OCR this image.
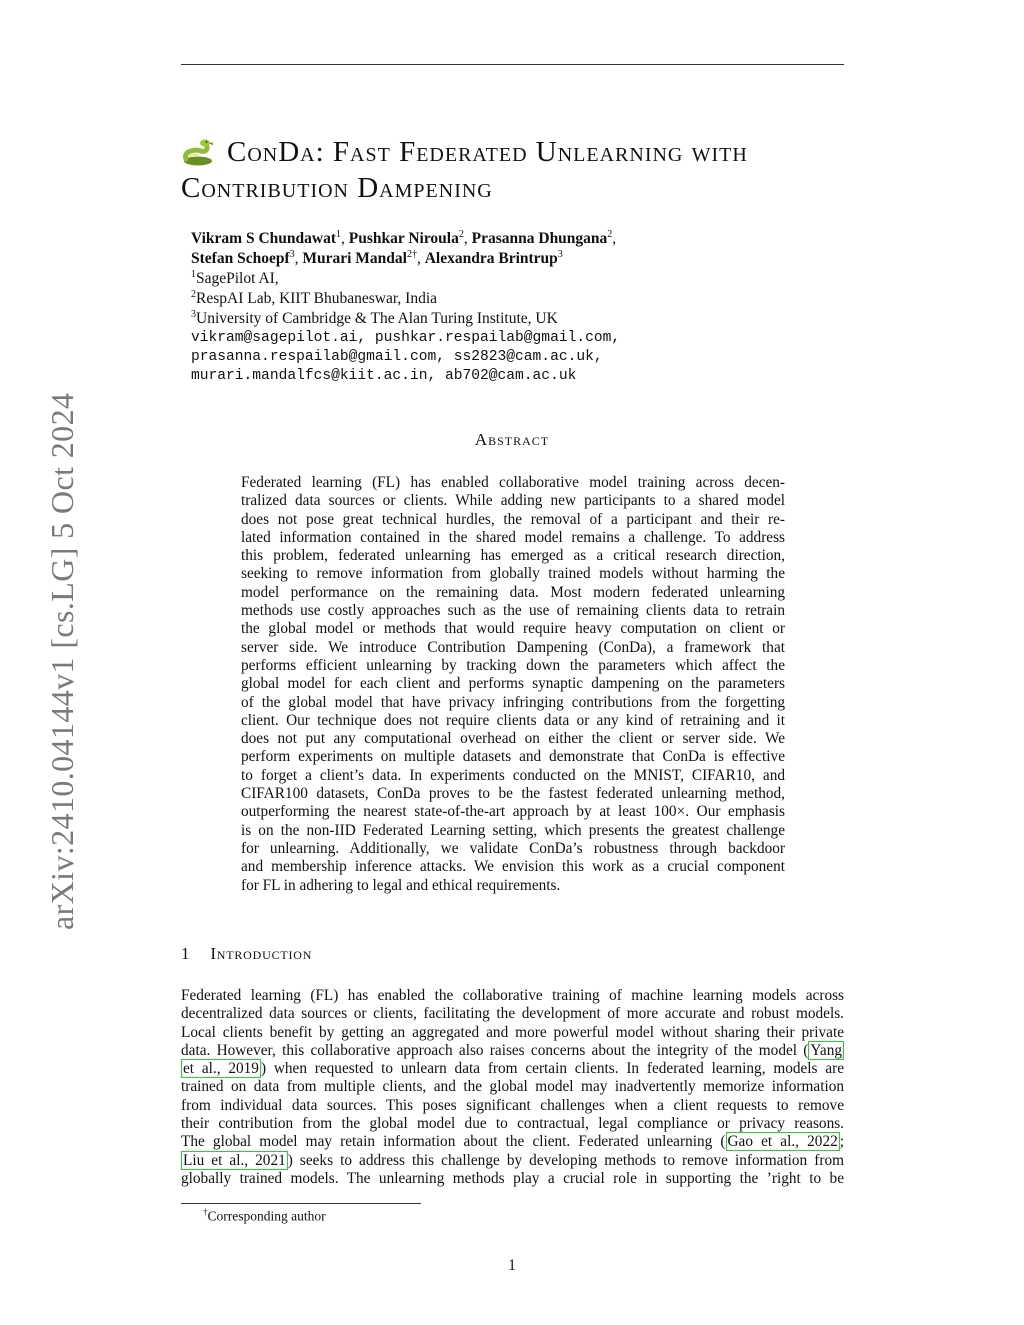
arXiv:2410.04144v1 [cs.LG] 5 Oct 2024
ConDa: Fast Federated Unlearning with
Contribution Dampening
Vikram S Chundawat$^1$, Pushkar Niroula$^2$, Prasanna Dhungana$^2$,
Stefan Schoepf$^3$, Murari Mandal$^{2\dagger}$, Alexandra Brintrup$^3$
$^1$SagePilot AI,
$^2$RespAI Lab, KIIT Bhubaneswar, India
$^3$University of Cambridge & The Alan Turing Institute, UK
vikram@sagepilot.ai, pushkar.respailab@gmail.com,
prasanna.respailab@gmail.com, ss2823@cam.ac.uk,
murari.mandalfcs@kiit.ac.in, ab702@cam.ac.uk
Abstract
Federated learning (FL) has enabled collaborative model training across decen-
tralized data sources or clients. While adding new participants to a shared model
does not pose great technical hurdles, the removal of a participant and their re-
lated information contained in the shared model remains a challenge. To address
this problem, federated unlearning has emerged as a critical research direction,
seeking to remove information from globally trained models without harming the
model performance on the remaining data. Most modern federated unlearning
methods use costly approaches such as the use of remaining clients data to retrain
the global model or methods that would require heavy computation on client or
server side. We introduce Contribution Dampening (ConDa), a framework that
performs efficient unlearning by tracking down the parameters which affect the
global model for each client and performs synaptic dampening on the parameters
of the global model that have privacy infringing contributions from the forgetting
client. Our technique does not require clients data or any kind of retraining and it
does not put any computational overhead on either the client or server side. We
perform experiments on multiple datasets and demonstrate that ConDa is effective
to forget a client’s data. In experiments conducted on the MNIST, CIFAR10, and
CIFAR100 datasets, ConDa proves to be the fastest federated unlearning method,
outperforming the nearest state-of-the-art approach by at least 100×. Our emphasis
is on the non-IID Federated Learning setting, which presents the greatest challenge
for unlearning. Additionally, we validate ConDa’s robustness through backdoor
and membership inference attacks. We envision this work as a crucial component
for FL in adhering to legal and ethical requirements.
1 Introduction
Federated learning (FL) has enabled the collaborative training of machine learning models across
decentralized data sources or clients, facilitating the development of more accurate and robust models.
Local clients benefit by getting an aggregated and more powerful model without sharing their private
data. However, this collaborative approach also raises concerns about the integrity of the model ( Yang
et al., 2019 ) when requested to unlearn data from certain clients. In federated learning, models are
trained on data from multiple clients, and the global model may inadvertently memorize information
from individual data sources. This poses significant challenges when a client requests to remove
their contribution from the global model due to contractual, legal compliance or privacy reasons.
The global model may retain information about the client. Federated unlearning ( Gao et al., 2022 ;
Liu et al., 2021 ) seeks to address this challenge by developing methods to remove information from
globally trained models. The unlearning methods play a crucial role in supporting the ’right to be
†Corresponding author
1
